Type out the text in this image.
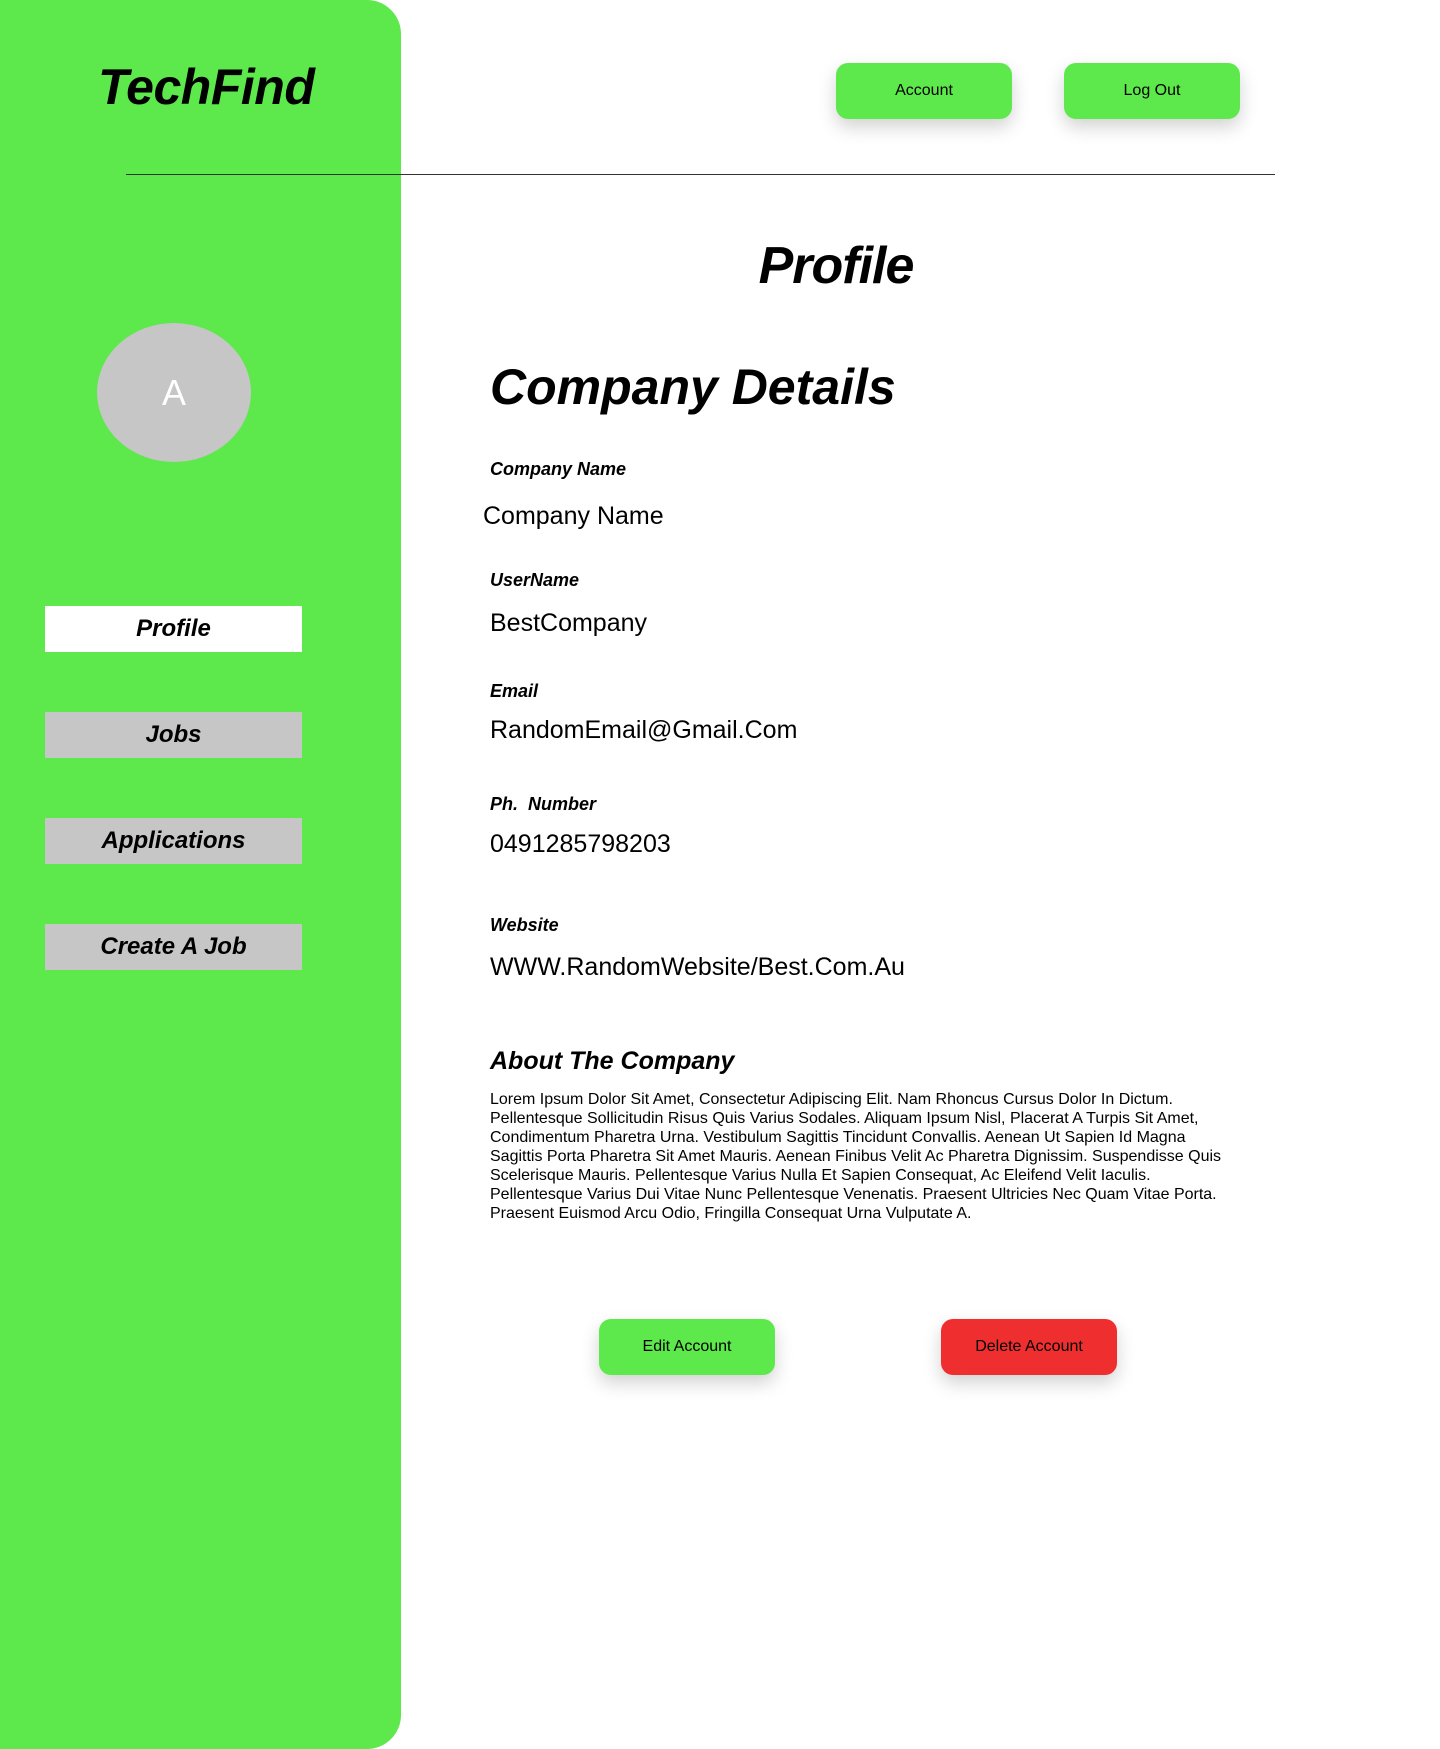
TechFind
A
Profile
Jobs
Applications
Create A Job
Account	Log Out
Profile
Company Details
Company Name
Company Name
UserName
BestCompany
Email
RandomEmail@Gmail.Com
Ph.  Number
0491285798203
Website
WWW.RandomWebsite/Best.Com.Au
About The Company

Lorem Ipsum Dolor Sit Amet, Consectetur Adipiscing Elit. Nam Rhoncus Cursus Dolor In Dictum. Pellentesque Sollicitudin Risus Quis Varius Sodales. Aliquam Ipsum Nisl, Placerat A Turpis Sit Amet, Condimentum Pharetra Urna. Vestibulum Sagittis Tincidunt Convallis. Aenean Ut Sapien Id Magna Sagittis Porta Pharetra Sit Amet Mauris. Aenean Finibus Velit Ac Pharetra Dignissim. Suspendisse Quis Scelerisque Mauris. Pellentesque Varius Nulla Et Sapien Consequat, Ac Eleifend Velit Iaculis. Pellentesque Varius Dui Vitae Nunc Pellentesque Venenatis. Praesent Ultricies Nec Quam Vitae Porta. Praesent Euismod Arcu Odio, Fringilla Consequat Urna Vulputate A.

Edit Account	Delete Account
